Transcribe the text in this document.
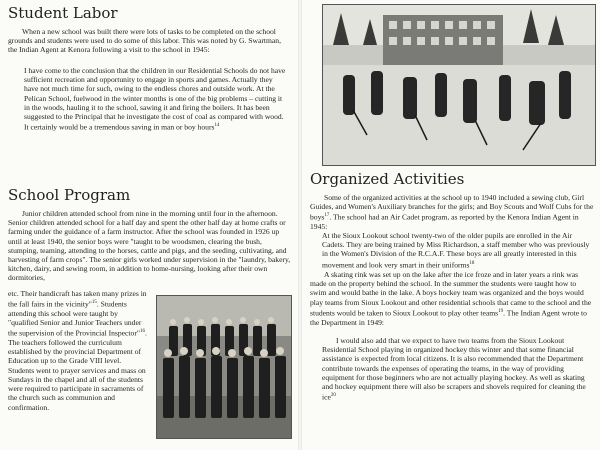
Student Labor

When a new school was built there were lots of tasks to be completed on the school grounds and students were used to do some of this labor. This was noted by G. Swartman, the Indian Agent at Kenora following a visit to the school in 1945:

I have come to the conclusion that the children in our Residential Schools do not have sufficient recreation and opportunity to engage in sports and games. Actually they have not much time for such, owing to the endless chores and outside work. At the Pelican School, fuelwood in the winter months is one of the big problems – cutting it in the woods, hauling it to the school, sawing it and firing the boilers. It has been suggested to the Principal that he investigate the cost of coal as compared with wood. It certainly would be a tremendous saving in man or boy hours$^{14}$

School Program

Junior children attended school from nine in the morning until four in the afternoon. Senior children attended school for a half day and spent the other half day at home crafts or farming under the guidance of a farm instructor. After the school was founded in 1926 up until at least 1940, the senior boys were "taught to be woodsmen, clearing the bush, stumping, teaming, attending to the horses, cattle and pigs, and the seeding, cultivating, and harvesting of farm crops". The senior girls worked under supervision in the "laundry, bakery, kitchen, dairy, and sewing room, in addition to home-nursing, looking after their own dormitories,

etc. Their handicraft has taken many prizes in the fall fairs in the vicinity"$^{15}$. Students attending this school were taught by "qualified Senior and Junior Teachers under the supervision of the Provincial Inspector"$^{16}$. The teachers followed the curriculum established by the provincial Department of Education up to the Grade VIII level. Students went to prayer services and mass on Sundays in the chapel and all of the students were required to participate in sacraments of the church such as communion and confirmation.

Organized Activities

Some of the organized activities at the school up to 1940 included a sewing club, Girl Guides, and Women's Auxiliary branches for the girls; and Boy Scouts and Wolf Cubs for the boys$^{17}$. The school had an Air Cadet program, as reported by the Kenora Indian Agent in 1945:

At the Sioux Lookout school twenty-two of the older pupils are enrolled in the Air Cadets. They are being trained by Miss Richardson, a staff member who was previously in the Women's Division of the R.C.A.F. These boys are all greatly interested in this movement and look very smart in their uniforms$^{18}$

A skating rink was set up on the lake after the ice froze and in later years a rink was made on the property behind the school. In the summer the students were taught how to swim and would bathe in the lake. A boys hockey team was organized and the boys would play teams from Sioux Lookout and other residential schools that came to the school and the students would be taken to Sioux Lookout to play other teams$^{19}$. The Indian Agent wrote to the Department in 1949:

I would also add that we expect to have two teams from the Sioux Lookout Residential School playing in organized hockey this winter and that some financial assistance is expected from local citizens. It is also recommended that the Department contribute towards the expenses of operating the teams, in the way of providing equipment for those beginners who are not actually playing hockey. As well as skating and hockey equipment there will also be scrapers and shovels required for cleaning the ice$^{20}$
